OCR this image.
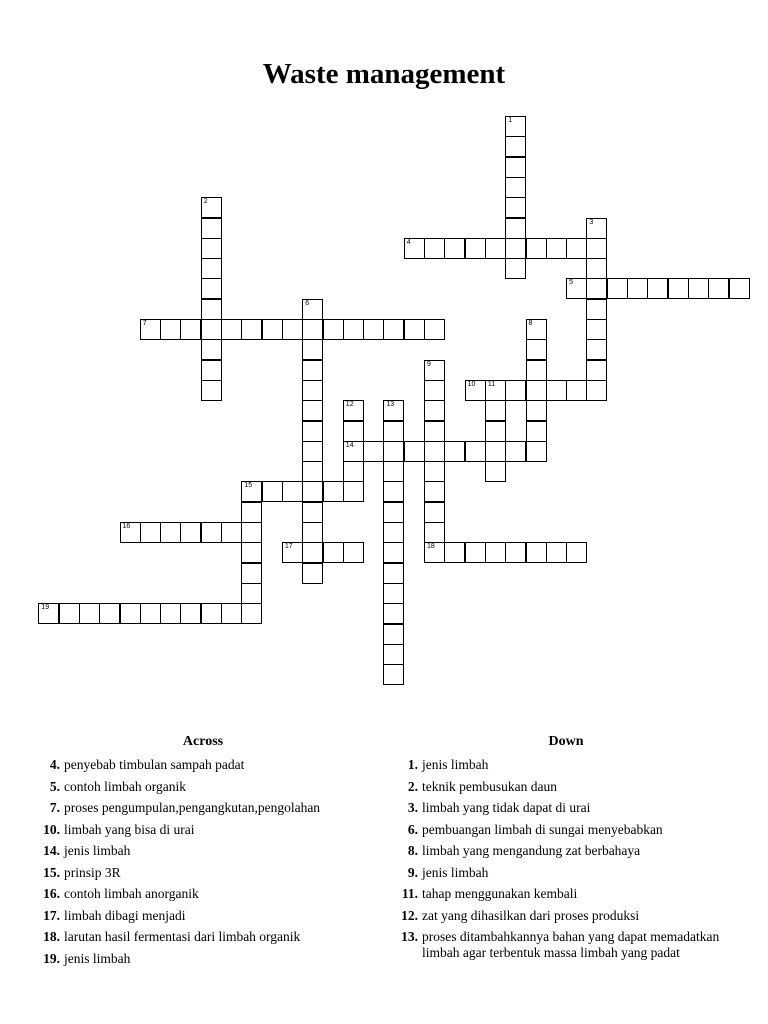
Waste management
1
2
3
4
5
6
7	8
9
18
10 11
12
14
13
15
16
17
19
Across
4. penyebab timbulan sampah padat
5. contoh limbah organik
7. proses pengumpulan,pengangkutan,pengolahan
10. limbah yang bisa di urai
14. jenis limbah
15. prinsip 3R
16. contoh limbah anorganik
17. limbah dibagi menjadi
18. larutan hasil fermentasi dari limbah organik
19. jenis limbah
Down
1. jenis limbah
2. teknik pembusukan daun
3. limbah yang tidak dapat di urai
6. pembuangan limbah di sungai menyebabkan
8. limbah yang mengandung zat berbahaya
9. jenis limbah
11. tahap menggunakan kembali
12. zat yang dihasilkan dari proses produksi
13. proses ditambahkannya bahan yang dapat memadatkan limbah agar terbentuk massa limbah yang padat
